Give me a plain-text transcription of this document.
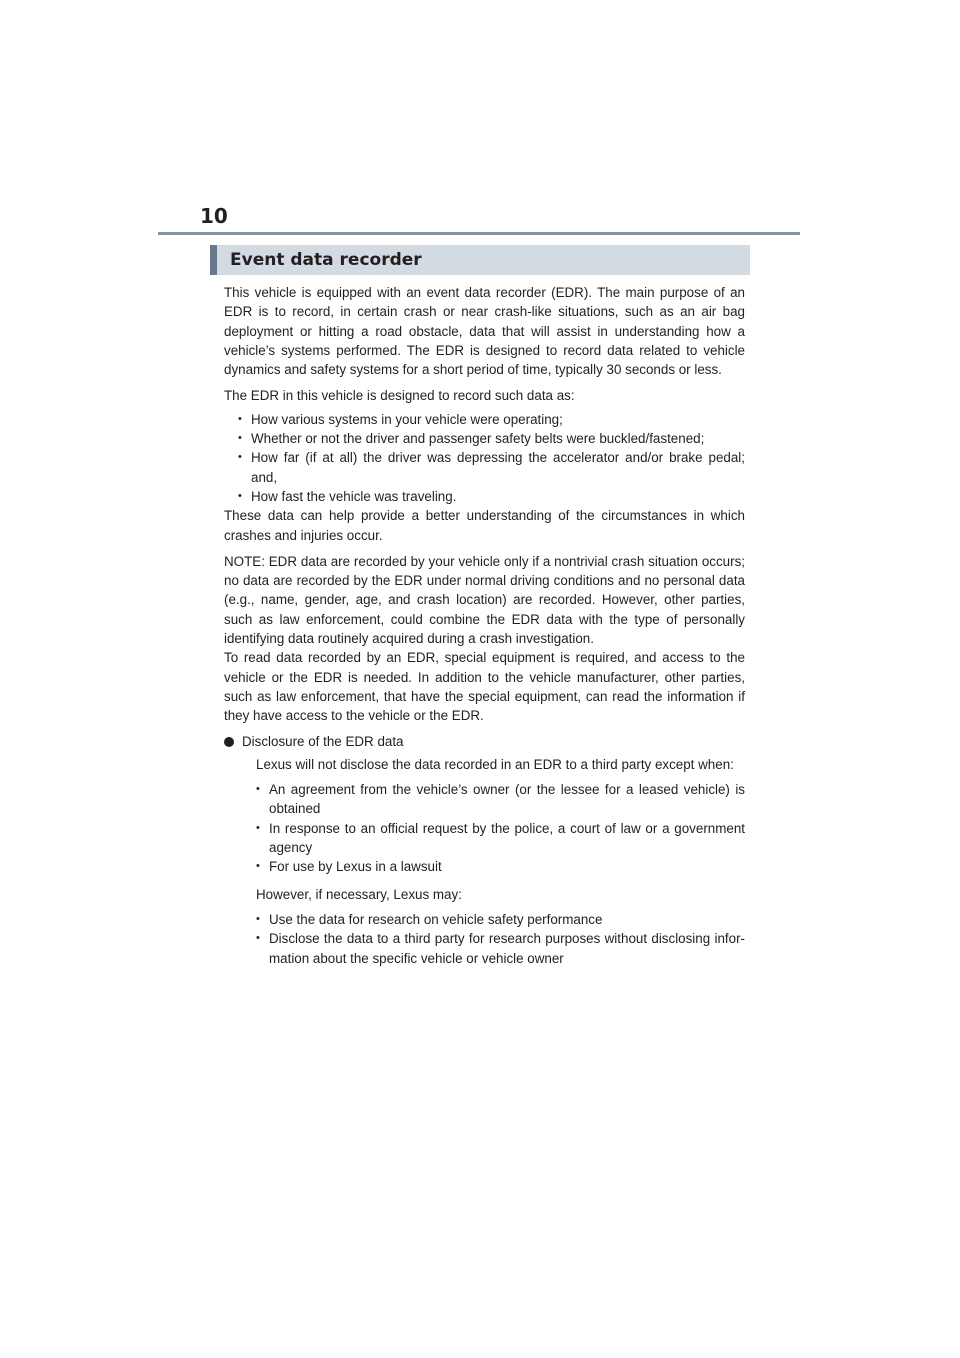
10
Event data recorder

This vehicle is equipped with an event data recorder (EDR). The main purpose of an EDR is to record, in certain crash or near crash-like situations, such as an air bag deployment or hitting a road obstacle, data that will assist in understanding how a vehicle’s systems performed. The EDR is designed to record data related to vehicle dynamics and safety systems for a short period of time, typically 30 seconds or less.

The EDR in this vehicle is designed to record such data as:

• How various systems in your vehicle were operating;
• Whether or not the driver and passenger safety belts were buckled/fastened;
• How far (if at all) the driver was depressing the accelerator and/or brake pedal; and,
• How fast the vehicle was traveling.

These data can help provide a better understanding of the circumstances in which crashes and injuries occur.

NOTE: EDR data are recorded by your vehicle only if a nontrivial crash situation occurs; no data are recorded by the EDR under normal driving conditions and no personal data (e.g., name, gender, age, and crash location) are recorded. However, other parties, such as law enforcement, could combine the EDR data with the type of personally identifying data routinely acquired during a crash investigation.

To read data recorded by an EDR, special equipment is required, and access to the vehicle or the EDR is needed. In addition to the vehicle manufacturer, other parties, such as law enforcement, that have the special equipment, can read the information if they have access to the vehicle or the EDR.

Disclosure of the EDR data

Lexus will not disclose the data recorded in an EDR to a third party except when:

• An agreement from the vehicle’s owner (or the lessee for a leased vehicle) is obtained
• In response to an official request by the police, a court of law or a government agency
• For use by Lexus in a lawsuit

However, if necessary, Lexus may:

• Use the data for research on vehicle safety performance
• Disclose the data to a third party for research purposes without disclosing infor-mation about the specific vehicle or vehicle owner
